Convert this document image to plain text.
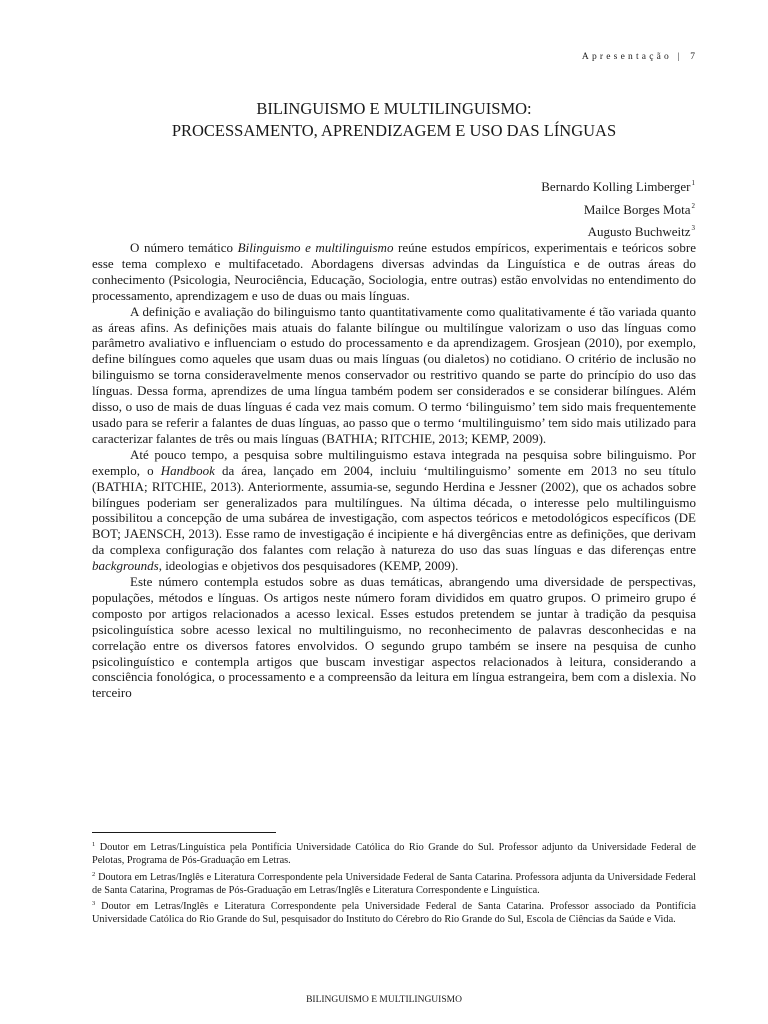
Apresentação | 7
BILINGUISMO E MULTILINGUISMO:
PROCESSAMENTO, APRENDIZAGEM E USO DAS LÍNGUAS
Bernardo Kolling Limberger$^1$
Mailce Borges Mota$^2$
Augusto Buchweitz$^3$

O número temático Bilinguismo e multilinguismo reúne estudos empíricos, experimentais e teóricos sobre esse tema complexo e multifacetado. Abordagens diversas advindas da Linguística e de outras áreas do conhecimento (Psicologia, Neurociência, Educação, Sociologia, entre outras) estão envolvidas no entendimento do processamento, aprendizagem e uso de duas ou mais línguas.

A definição e avaliação do bilinguismo tanto quantitativamente como qualitativamente é tão variada quanto as áreas afins. As definições mais atuais do falante bilíngue ou multilíngue valorizam o uso das línguas como parâmetro avaliativo e influenciam o estudo do processamento e da aprendizagem. Grosjean (2010), por exemplo, define bilíngues como aqueles que usam duas ou mais línguas (ou dialetos) no cotidiano. O critério de inclusão no bilinguismo se torna consideravelmente menos conservador ou restritivo quando se parte do princípio do uso das línguas. Dessa forma, aprendizes de uma língua também podem ser considerados e se considerar bilíngues. Além disso, o uso de mais de duas línguas é cada vez mais comum. O termo ‘bilinguismo’ tem sido mais frequentemente usado para se referir a falantes de duas línguas, ao passo que o termo ‘multilinguismo’ tem sido mais utilizado para caracterizar falantes de três ou mais línguas (BATHIA; RITCHIE, 2013; KEMP, 2009).

Até pouco tempo, a pesquisa sobre multilinguismo estava integrada na pesquisa sobre bilinguismo. Por exemplo, o Handbook da área, lançado em 2004, incluiu ‘multilinguismo’ somente em 2013 no seu título (BATHIA; RITCHIE, 2013). Anteriormente, assumia-se, segundo Herdina e Jessner (2002), que os achados sobre bilíngues poderiam ser generalizados para multilíngues. Na última década, o interesse pelo multilinguismo possibilitou a concepção de uma subárea de investigação, com aspectos teóricos e metodológicos específicos (DE BOT; JAENSCH, 2013). Esse ramo de investigação é incipiente e há divergências entre as definições, que derivam da complexa configuração dos falantes com relação à natureza do uso das suas línguas e das diferenças entre backgrounds, ideologias e objetivos dos pesquisadores (KEMP, 2009).

Este número contempla estudos sobre as duas temáticas, abrangendo uma diversidade de perspectivas, populações, métodos e línguas. Os artigos neste número foram divididos em quatro grupos. O primeiro grupo é composto por artigos relacionados a acesso lexical. Esses estudos pretendem se juntar à tradição da pesquisa psicolinguística sobre acesso lexical no multilinguismo, no reconhecimento de palavras desconhecidas e na correlação entre os diversos fatores envolvidos. O segundo grupo também se insere na pesquisa de cunho psicolinguístico e contempla artigos que buscam investigar aspectos relacionados à leitura, considerando a consciência fonológica, o processamento e a compreensão da leitura em língua estrangeira, bem com a dislexia. No terceiro

$^1$ Doutor em Letras/Linguística pela Pontifícia Universidade Católica do Rio Grande do Sul. Professor adjunto da Universidade Federal de Pelotas, Programa de Pós-Graduação em Letras.

$^2$ Doutora em Letras/Inglês e Literatura Correspondente pela Universidade Federal de Santa Catarina. Professora adjunta da Universidade Federal de Santa Catarina, Programas de Pós-Graduação em Letras/Inglês e Literatura Correspondente e Linguística.

$^3$ Doutor em Letras/Inglês e Literatura Correspondente pela Universidade Federal de Santa Catarina. Professor associado da Pontifícia Universidade Católica do Rio Grande do Sul, pesquisador do Instituto do Cérebro do Rio Grande do Sul, Escola de Ciências da Saúde e Vida.

BILINGUISMO E MULTILINGUISMO
